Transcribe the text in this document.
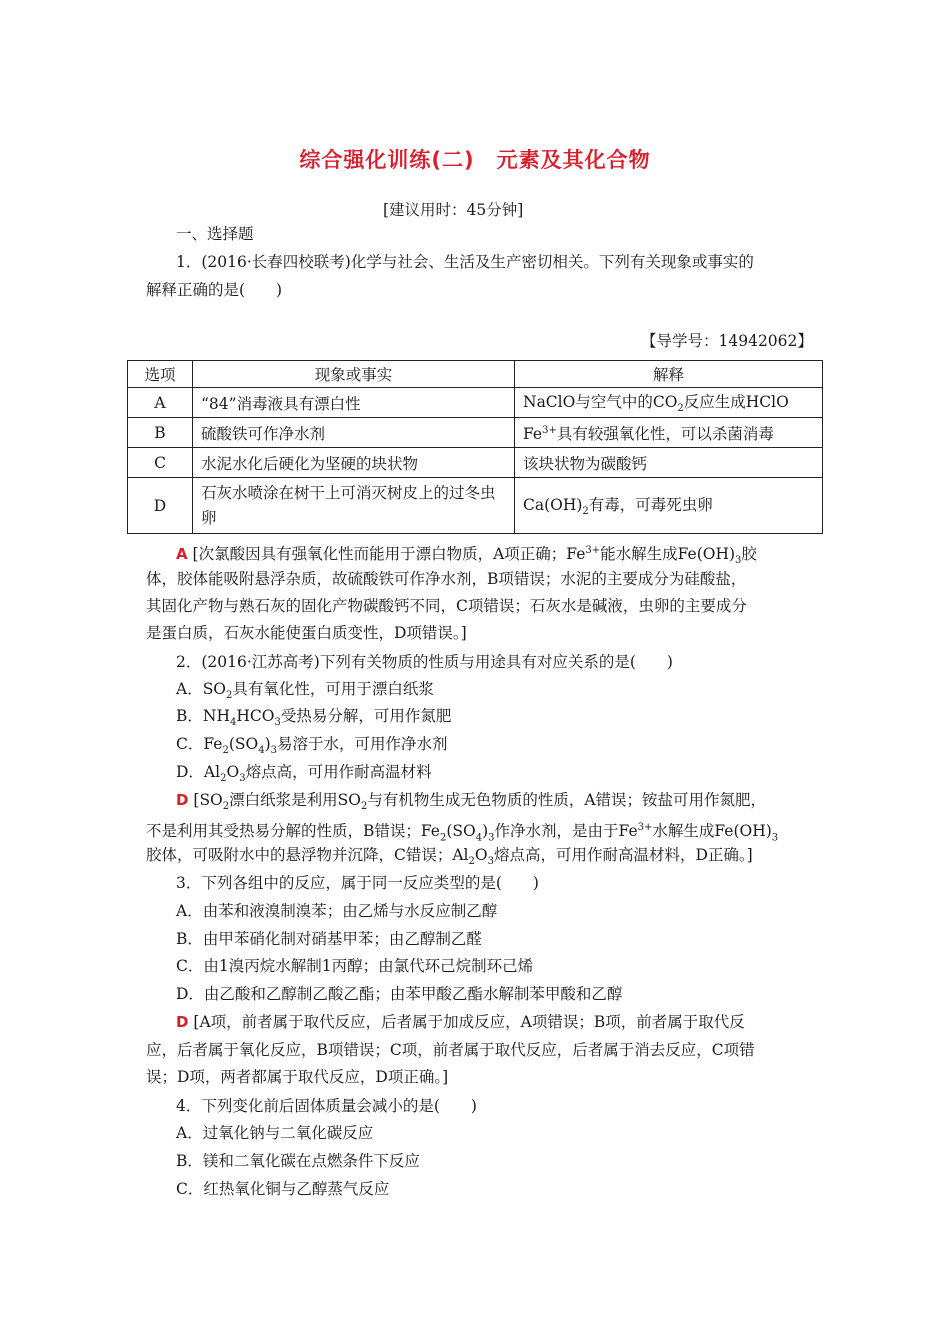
综合强化训练(二) 元素及其化合物
[建议用时：45分钟]
一、选择题
1．(2016·长春四校联考)化学与社会、生活及生产密切相关。下列有关现象或事实的
解释正确的是(　　)
【导学号：14942062】
选项	现象或事实	解释
A	“84”消毒液具有漂白性	NaClO与空气中的$CO_2$反应生成HClO
B	硫酸铁可作净水剂	$Fe^{3+}$具有较强氧化性，可以杀菌消毒
C	水泥水化后硬化为坚硬的块状物	该块状物为碳酸钙
D	石灰水喷涂在树干上可消灭树皮上的过冬虫卵	$Ca(OH)_2$有毒，可毒死虫卵
A [次氯酸因具有强氧化性而能用于漂白物质，A项正确；$Fe^{3+}$能水解生成$Fe(OH)_3$胶
体，胶体能吸附悬浮杂质，故硫酸铁可作净水剂，B项错误；水泥的主要成分为硅酸盐，
其固化产物与熟石灰的固化产物碳酸钙不同，C项错误；石灰水是碱液，虫卵的主要成分
是蛋白质，石灰水能使蛋白质变性，D项错误。]
2．(2016·江苏高考)下列有关物质的性质与用途具有对应关系的是(　　)
A．$SO_2$具有氧化性，可用于漂白纸浆
B．$NH_4HCO_3$受热易分解，可用作氮肥
C．$Fe_2(SO_4)_3$易溶于水，可用作净水剂
D．$Al_2O_3$熔点高，可用作耐高温材料
D [$SO_2$漂白纸浆是利用$SO_2$与有机物生成无色物质的性质，A错误；铵盐可用作氮肥，
不是利用其受热易分解的性质，B错误；$Fe_2(SO_4)_3$作净水剂，是由于$Fe^{3+}$水解生成$Fe(OH)_3$
胶体，可吸附水中的悬浮物并沉降，C错误；$Al_2O_3$熔点高，可用作耐高温材料，D正确。]
3．下列各组中的反应，属于同一反应类型的是(　　)
A．由苯和液溴制溴苯；由乙烯与水反应制乙醇
B．由甲苯硝化制对硝基甲苯；由乙醇制乙醛
C．由1溴丙烷水解制1丙醇；由氯代环己烷制环己烯
D．由乙酸和乙醇制乙酸乙酯；由苯甲酸乙酯水解制苯甲酸和乙醇
D [A项，前者属于取代反应，后者属于加成反应，A项错误；B项，前者属于取代反
应，后者属于氧化反应，B项错误；C项，前者属于取代反应，后者属于消去反应，C项错
误；D项，两者都属于取代反应，D项正确。]
4．下列变化前后固体质量会减小的是(　　)
A．过氧化钠与二氧化碳反应
B．镁和二氧化碳在点燃条件下反应
C．红热氧化铜与乙醇蒸气反应
